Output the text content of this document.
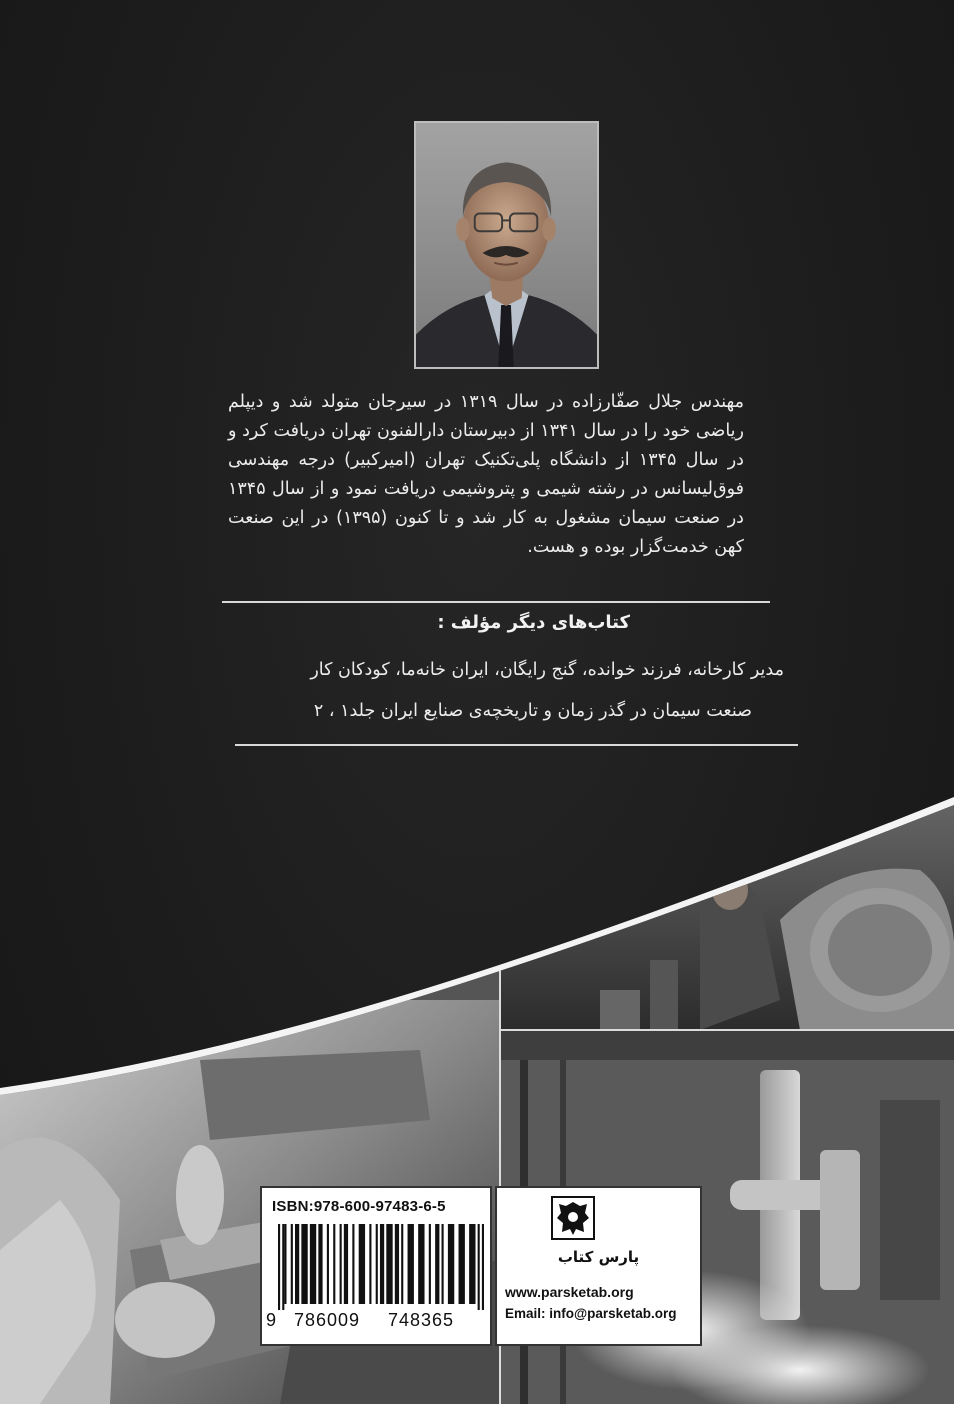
مهندس جلال صفّارزاده در سال ۱۳۱۹ در سیرجان متولد شد و دیپلم ریاضی خود را در سال ۱۳۴۱ از دبیرستان دارالفنون تهران دریافت کرد و در سال ۱۳۴۵ از دانشگاه پلی‌تکنیک تهران (امیرکبیر) درجه مهندسی فوق‌لیسانس در رشته شیمی و پتروشیمی دریافت نمود و از سال ۱۳۴۵ در صنعت سیمان مشغول به کار شد و تا کنون (۱۳۹۵) در این صنعت کهن خدمت‌گزار بوده و هست.
کتاب‌های دیگر مؤلف :
مدیر کارخانه، فرزند خوانده، گنج رایگان، ایران خانه‌ما، کودکان کار
صنعت سیمان در گذر زمان و تاریخچه‌ی صنایع ایران جلد۱ ، ۲
ISBN:978-600-97483-6-5
9 786009 748365
پارس کتاب
www.parsketab.org
Email: info@parsketab.org
